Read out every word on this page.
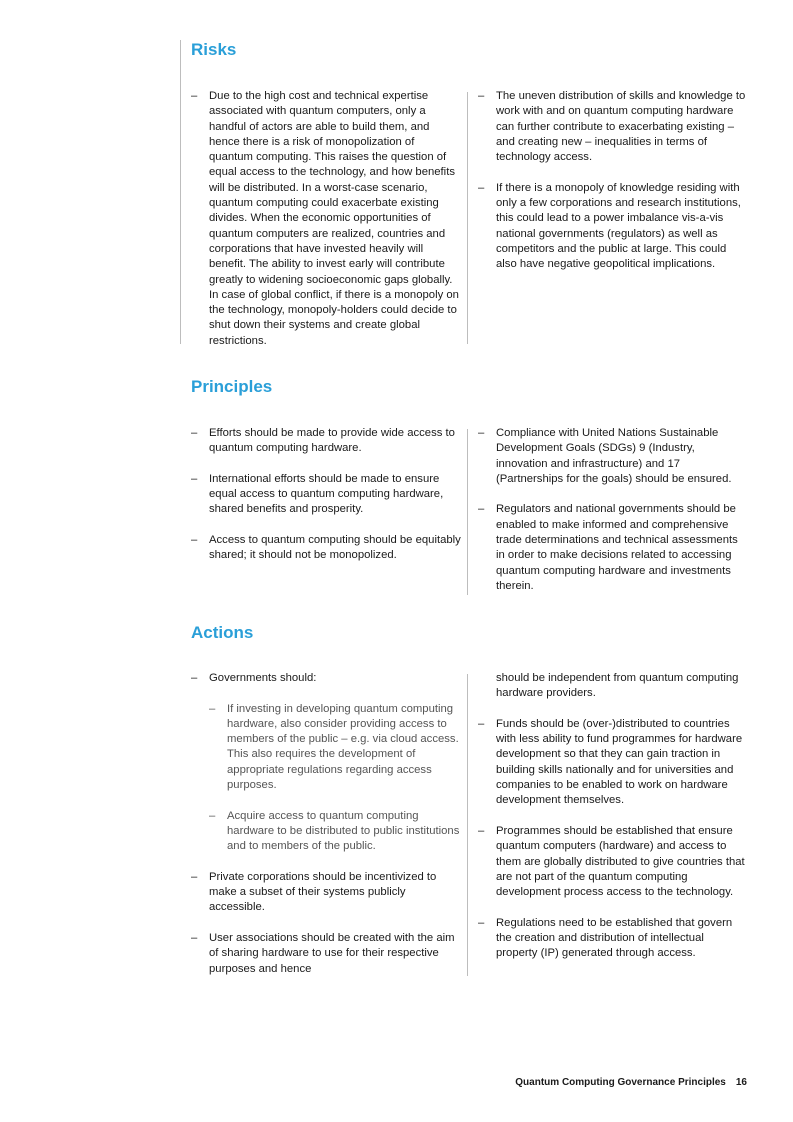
Risks
– Due to the high cost and technical expertise associated with quantum computers, only a handful of actors are able to build them, and hence there is a risk of monopolization of quantum computing. This raises the question of equal access to the technology, and how benefits will be distributed. In a worst-case scenario, quantum computing could exacerbate existing divides. When the economic opportunities of quantum computers are realized, countries and corporations that have invested heavily will benefit. The ability to invest early will contribute greatly to widening socioeconomic gaps globally. In case of global conflict, if there is a monopoly on the technology, monopoly-holders could decide to shut down their systems and create global restrictions.
– The uneven distribution of skills and knowledge to work with and on quantum computing hardware can further contribute to exacerbating existing – and creating new – inequalities in terms of technology access.
– If there is a monopoly of knowledge residing with only a few corporations and research institutions, this could lead to a power imbalance vis-a-vis national governments (regulators) as well as competitors and the public at large. This could also have negative geopolitical implications.
Principles
– Efforts should be made to provide wide access to quantum computing hardware.
– International efforts should be made to ensure equal access to quantum computing hardware, shared benefits and prosperity.
– Access to quantum computing should be equitably shared; it should not be monopolized.
– Compliance with United Nations Sustainable Development Goals (SDGs) 9 (Industry, innovation and infrastructure) and 17 (Partnerships for the goals) should be ensured.
– Regulators and national governments should be enabled to make informed and comprehensive trade determinations and technical assessments in order to make decisions related to accessing quantum computing hardware and investments therein.
Actions
– Governments should:
– If investing in developing quantum computing hardware, also consider providing access to members of the public – e.g. via cloud access. This also requires the development of appropriate regulations regarding access purposes.
– Acquire access to quantum computing hardware to be distributed to public institutions and to members of the public.
– Private corporations should be incentivized to make a subset of their systems publicly accessible.
– User associations should be created with the aim of sharing hardware to use for their respective purposes and hence
should be independent from quantum computing hardware providers.
– Funds should be (over-)distributed to countries with less ability to fund programmes for hardware development so that they can gain traction in building skills nationally and for universities and companies to be enabled to work on hardware development themselves.
– Programmes should be established that ensure quantum computers (hardware) and access to them are globally distributed to give countries that are not part of the quantum computing development process access to the technology.
– Regulations need to be established that govern the creation and distribution of intellectual property (IP) generated through access.
Quantum Computing Governance Principles 16
